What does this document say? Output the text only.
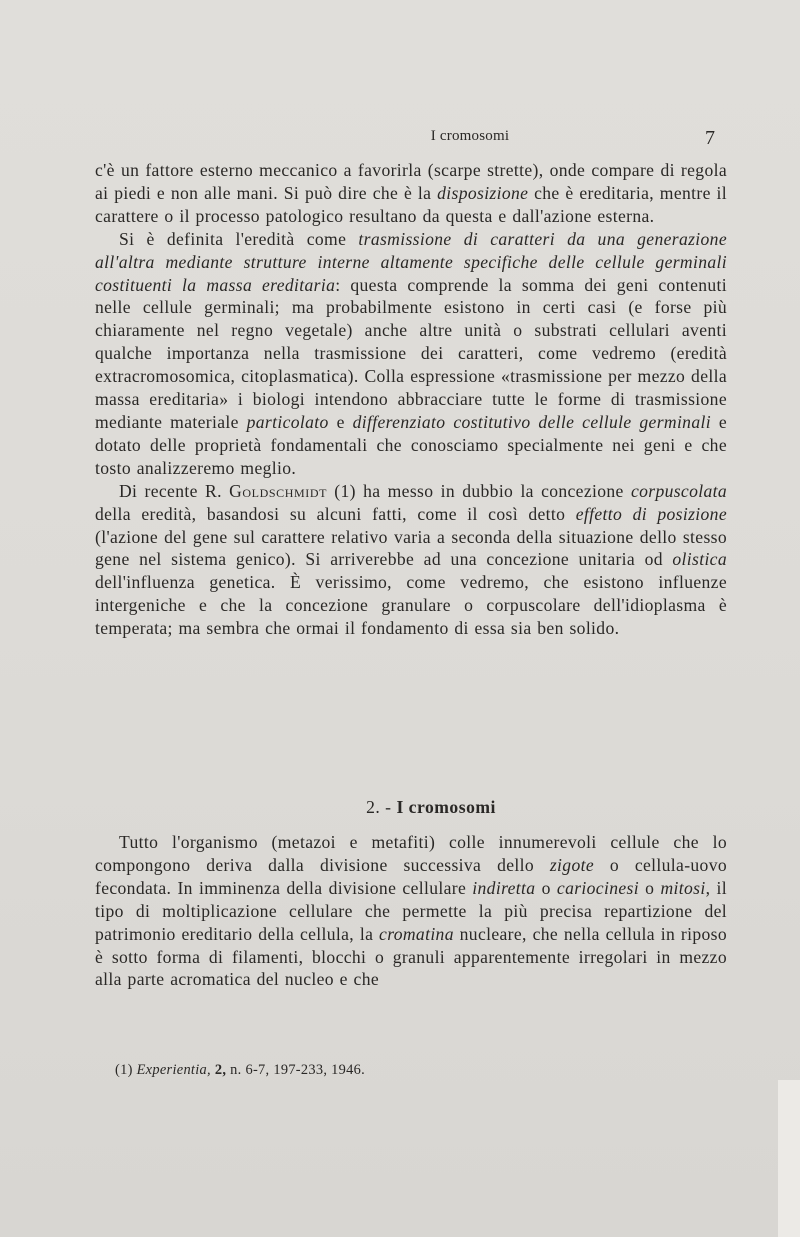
I cromosomi	7

c'è un fattore esterno meccanico a favorirla (scarpe strette), onde compare di regola ai piedi e non alle mani. Si può dire che è la disposizione che è ereditaria, mentre il carattere o il processo patologico resultano da questa e dall'azione esterna.

Si è definita l'eredità come trasmissione di caratteri da una generazione all'altra mediante strutture interne altamente specifiche delle cellule germinali costituenti la massa ereditaria: questa comprende la somma dei geni contenuti nelle cellule germinali; ma probabilmente esistono in certi casi (e forse più chiaramente nel regno vegetale) anche altre unità o substrati cellulari aventi qualche importanza nella trasmissione dei caratteri, come vedremo (eredità extracromosomica, citoplasmatica). Colla espressione «trasmissione per mezzo della massa ereditaria» i biologi intendono abbracciare tutte le forme di trasmissione mediante materiale particolato e differenziato costitutivo delle cellule germinali e dotato delle proprietà fondamentali che conosciamo specialmente nei geni e che tosto analizzeremo meglio.

Di recente R. Goldschmidt (1) ha messo in dubbio la concezione corpuscolata della eredità, basandosi su alcuni fatti, come il così detto effetto di posizione (l'azione del gene sul carattere relativo varia a seconda della situazione dello stesso gene nel sistema genico). Si arriverebbe ad una concezione unitaria od olistica dell'influenza genetica. È verissimo, come vedremo, che esistono influenze intergeniche e che la concezione granulare o corpuscolare dell'idioplasma è temperata; ma sembra che ormai il fondamento di essa sia ben solido.

2. - I cromosomi

Tutto l'organismo (metazoi e metafiti) colle innumerevoli cellule che lo compongono deriva dalla divisione successiva dello zigote o cellula-uovo fecondata. In imminenza della divisione cellulare indiretta o cariocinesi o mitosi, il tipo di moltiplicazione cellulare che permette la più precisa repartizione del patrimonio ereditario della cellula, la cromatina nucleare, che nella cellula in riposo è sotto forma di filamenti, blocchi o granuli apparentemente irregolari in mezzo alla parte acromatica del nucleo e che

(1) Experientia, 2, n. 6-7, 197-233, 1946.
